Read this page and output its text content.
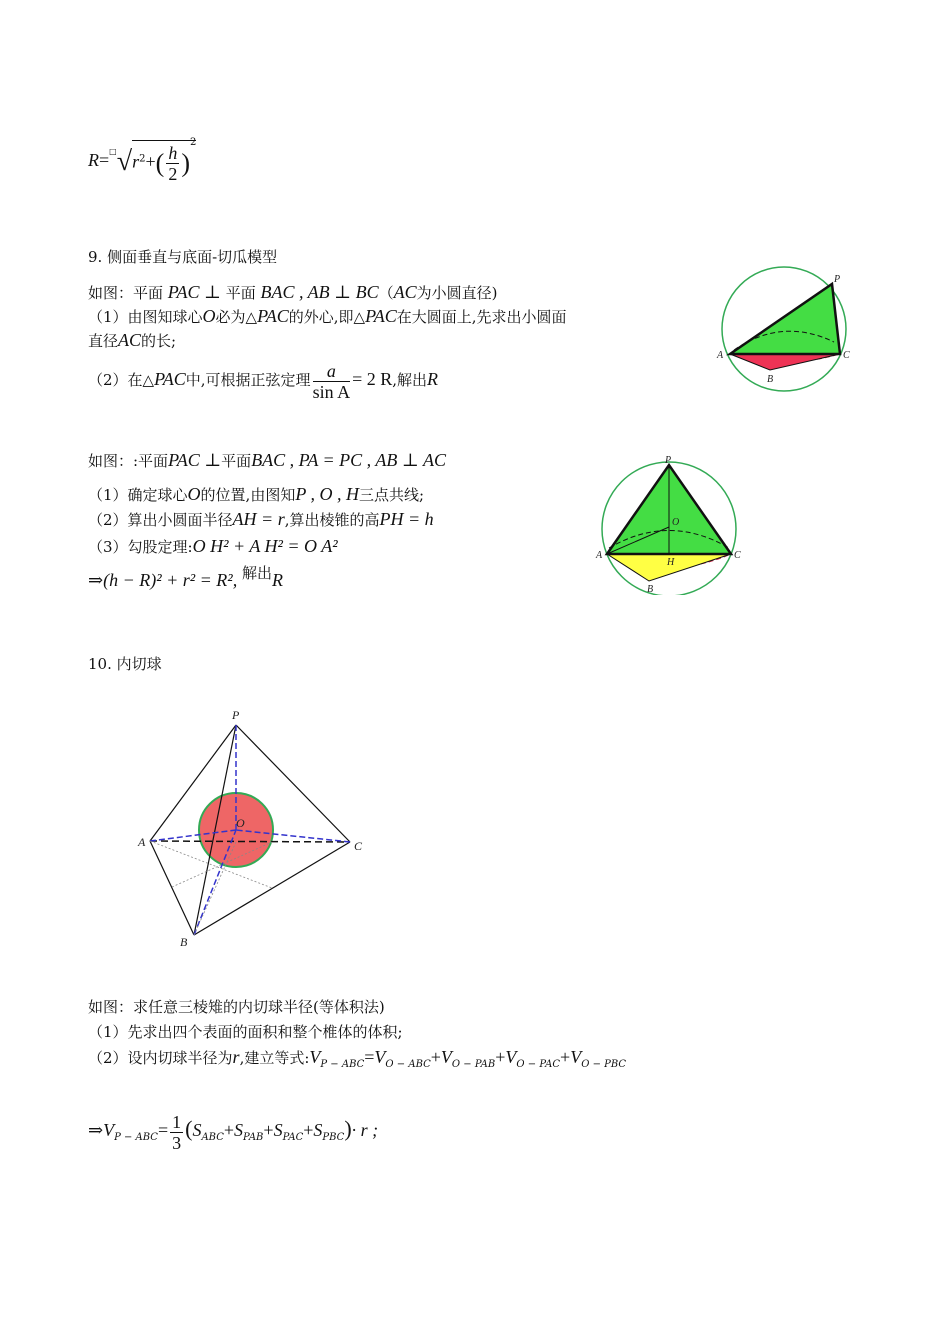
$R=^□√r^2+( \frac{h}{2} )^2$
9. 侧面垂直与底面-切瓜模型
如图：平面 PAC ⊥ 平面 BAC , AB ⊥ BC（AC为小圆直径)
（1）由图知球心O必为△PAC的外心,即△PAC在大圆面上,先求出小圆面
直径AC的长;
（2）在△PAC中,可根据正弦定理 $\frac{a}{\text{sin A}} = 2$ R,解出R
P
A
B
C
如图：:平面PAC ⊥平面BAC , PA = PC , AB ⊥ AC
（1）确定球心O的位置,由图知P , O , H三点共线;
（2）算出小圆面半径AH = r,算出棱锥的高PH = h
（3）勾股定理:O H² + A H² = O A²
⇒(h − R)² + r² = R², 解出R
P
O
A
H
B
C
10. 内切球
P
O
A	C
B
如图：求任意三棱雉的内切球半径(等体积法)
（1）先求出四个表面的面积和整个椎体的体积;
（2）设内切球半径为r,建立等式$:V_{P - ABC}=V_{O - ABC}+V_{O - PAB}+V_{O - PAC}+V_{O - PBC}$
$\Rightarrow V_{P - ABC}= \frac{1}{3} (S_{ABC}+S_{PAB}+S_{PAC}+S_{PBC})\cdot r$ ;
